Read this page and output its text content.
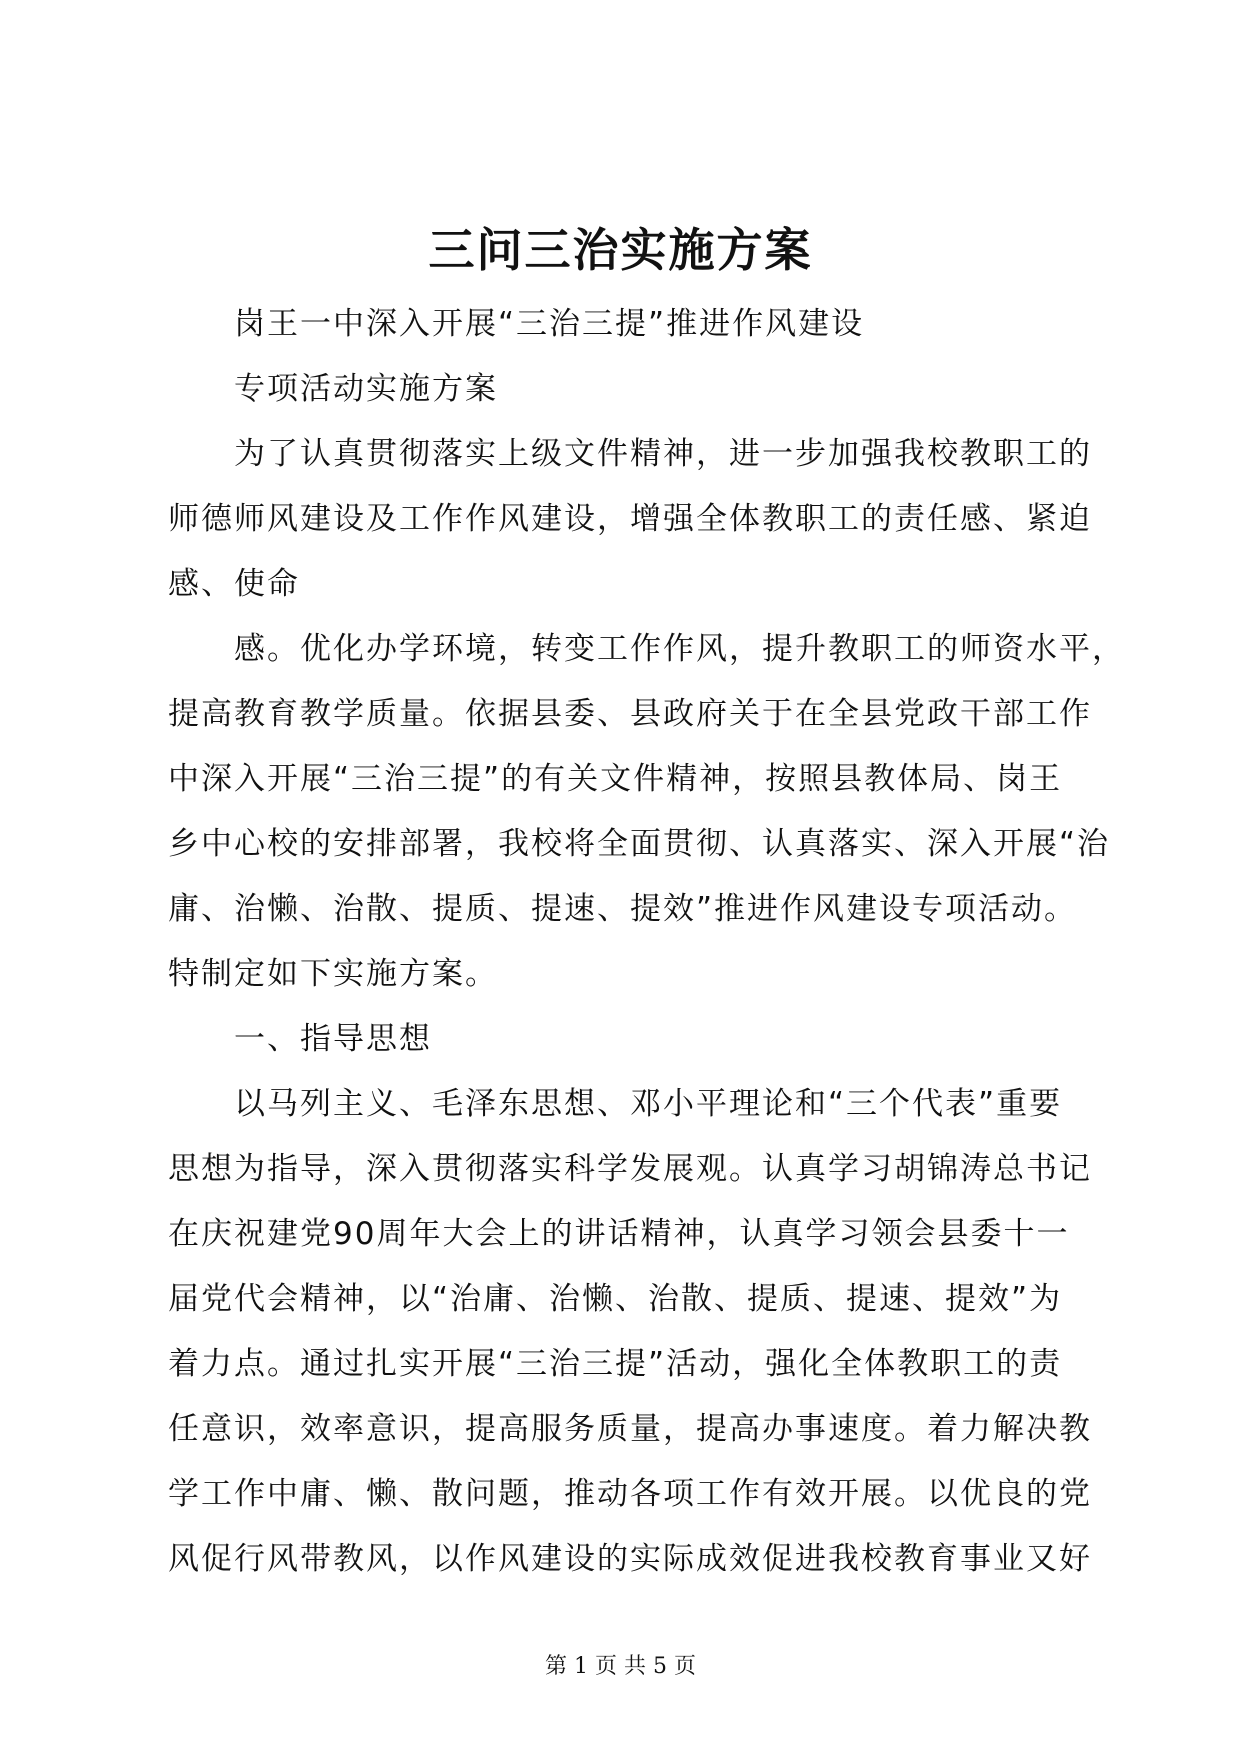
三问三治实施方案
岗王一中深入开展“三治三提”推进作风建设
专项活动实施方案
为了认真贯彻落实上级文件精神，进一步加强我校教职工的
师德师风建设及工作作风建设，增强全体教职工的责任感、紧迫
感、使命
感。优化办学环境，转变工作作风，提升教职工的师资水平，
提高教育教学质量。依据县委、县政府关于在全县党政干部工作
中深入开展“三治三提”的有关文件精神，按照县教体局、岗王
乡中心校的安排部署，我校将全面贯彻、认真落实、深入开展“治
庸、治懒、治散、提质、提速、提效”推进作风建设专项活动。
特制定如下实施方案。
一、指导思想
以马列主义、毛泽东思想、邓小平理论和“三个代表”重要
思想为指导，深入贯彻落实科学发展观。认真学习胡锦涛总书记
在庆祝建党90周年大会上的讲话精神，认真学习领会县委十一
届党代会精神，以“治庸、治懒、治散、提质、提速、提效”为
着力点。通过扎实开展“三治三提”活动，强化全体教职工的责
任意识，效率意识，提高服务质量，提高办事速度。着力解决教
学工作中庸、懒、散问题，推动各项工作有效开展。以优良的党
风促行风带教风，以作风建设的实际成效促进我校教育事业又好
第 1 页 共 5 页
